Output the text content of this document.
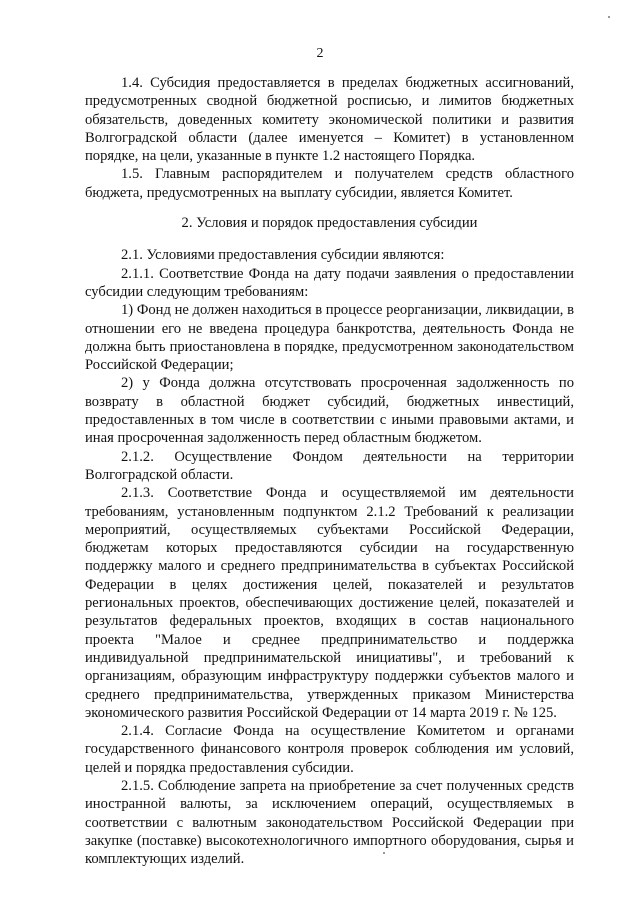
2

1.4. Субсидия предоставляется в пределах бюджетных ассигнований, предусмотренных сводной бюджетной росписью, и лимитов бюджетных обязательств, доведенных комитету экономической политики и развития Волгоградской области (далее именуется – Комитет) в установленном порядке, на цели, указанные в пункте 1.2 настоящего Порядка.

1.5. Главным распорядителем и получателем средств областного бюджета, предусмотренных на выплату субсидии, является Комитет.

2. Условия и порядок предоставления субсидии

2.1. Условиями предоставления субсидии являются:

2.1.1. Соответствие Фонда на дату подачи заявления о предоставлении субсидии следующим требованиям:

1) Фонд не должен находиться в процессе реорганизации, ликвидации, в отношении его не введена процедура банкротства, деятельность Фонда не должна быть приостановлена в порядке, предусмотренном законодательством Российской Федерации;

2) у Фонда должна отсутствовать просроченная задолженность по возврату в областной бюджет субсидий, бюджетных инвестиций, предоставленных в том числе в соответствии с иными правовыми актами, и иная просроченная задолженность перед областным бюджетом.

2.1.2. Осуществление Фондом деятельности на территории Волгоградской области.

2.1.3. Соответствие Фонда и осуществляемой им деятельности требованиям, установленным подпунктом 2.1.2 Требований к реализации мероприятий, осуществляемых субъектами Российской Федерации, бюджетам которых предоставляются субсидии на государственную поддержку малого и среднего предпринимательства в субъектах Российской Федерации в целях достижения целей, показателей и результатов региональных проектов, обеспечивающих достижение целей, показателей и результатов федеральных проектов, входящих в состав национального проекта "Малое и среднее предпринимательство и поддержка индивидуальной предпринимательской инициативы", и требований к организациям, образующим инфраструктуру поддержки субъектов малого и среднего предпринимательства, утвержденных приказом Министерства экономического развития Российской Федерации от 14 марта 2019 г. № 125.

2.1.4. Согласие Фонда на осуществление Комитетом и органами государственного финансового контроля проверок соблюдения им условий, целей и порядка предоставления субсидии.

2.1.5. Соблюдение запрета на приобретение за счет полученных средств иностранной валюты, за исключением операций, осуществляемых в соответствии с валютным законодательством Российской Федерации при закупке (поставке) высокотехнологичного импортного оборудования, сырья и комплектующих изделий.
